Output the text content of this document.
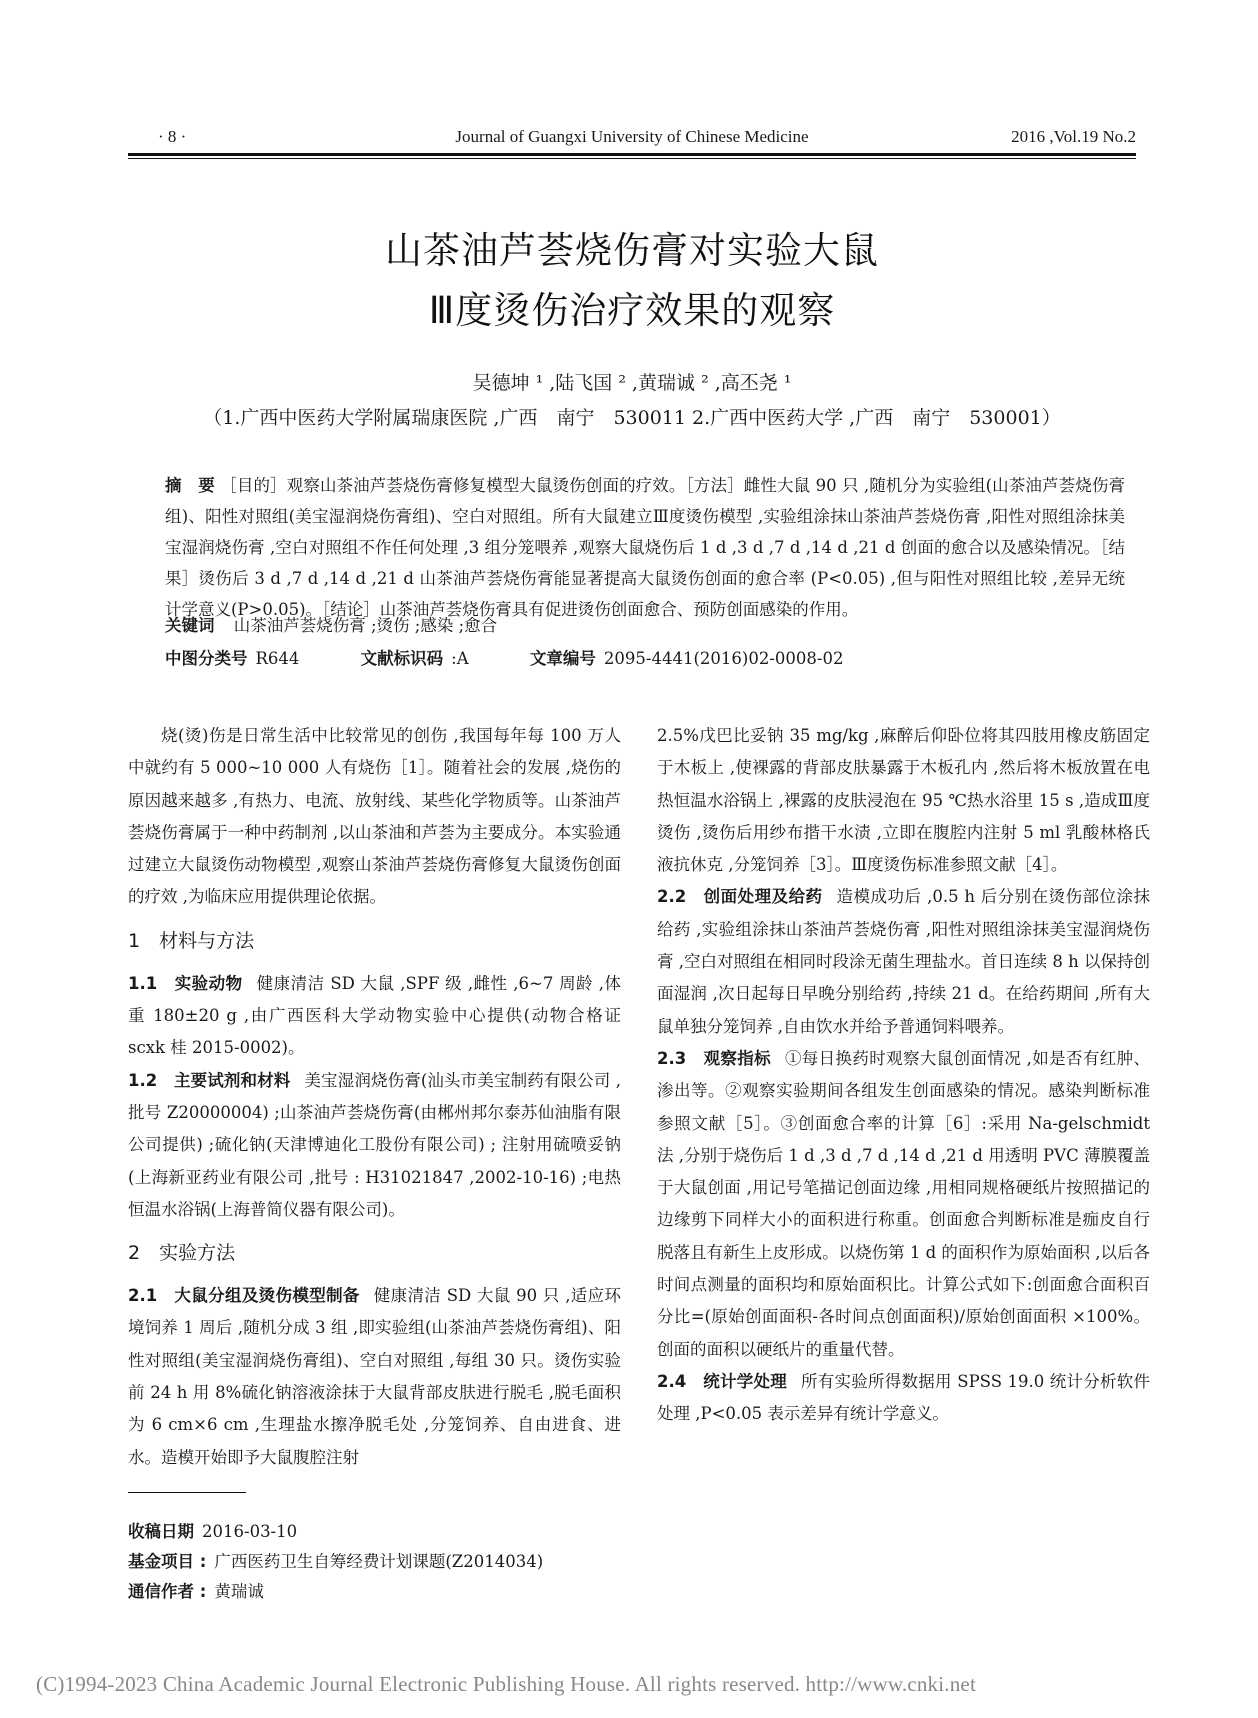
· 8 ·	Journal of Guangxi University of Chinese Medicine	2016 ,Vol.19 No.2
山茶油芦荟烧伤膏对实验大鼠
Ⅲ度烫伤治疗效果的观察
吴德坤 ¹ ,陆飞国 ² ,黄瑞诚 ² ,高丕尧 ¹
（1.广西中医药大学附属瑞康医院 ,广西　南宁　530011 2.广西中医药大学 ,广西　南宁　530001）
摘　要 ［目的］观察山茶油芦荟烧伤膏修复模型大鼠烫伤创面的疗效。［方法］雌性大鼠 90 只 ,随机分为实验组(山茶油芦荟烧伤膏组)、阳性对照组(美宝湿润烧伤膏组)、空白对照组。所有大鼠建立Ⅲ度烫伤模型 ,实验组涂抹山茶油芦荟烧伤膏 ,阳性对照组涂抹美宝湿润烧伤膏 ,空白对照组不作任何处理 ,3 组分笼喂养 ,观察大鼠烧伤后 1 d ,3 d ,7 d ,14 d ,21 d 创面的愈合以及感染情况。［结果］烫伤后 3 d ,7 d ,14 d ,21 d 山茶油芦荟烧伤膏能显著提高大鼠烫伤创面的愈合率 (P<0.05) ,但与阳性对照组比较 ,差异无统计学意义(P>0.05)。［结论］山茶油芦荟烧伤膏具有促进烫伤创面愈合、预防创面感染的作用。
关键词 山茶油芦荟烧伤膏 ;烫伤 ;感染 ;愈合
中图分类号 R644	文献标识码 :A	文章编号 2095-4441(2016)02-0008-02

烧(烫)伤是日常生活中比较常见的创伤 ,我国每年每 100 万人中就约有 5 000~10 000 人有烧伤［1］。随着社会的发展 ,烧伤的原因越来越多 ,有热力、电流、放射线、某些化学物质等。山茶油芦荟烧伤膏属于一种中药制剂 ,以山茶油和芦荟为主要成分。本实验通过建立大鼠烫伤动物模型 ,观察山茶油芦荟烧伤膏修复大鼠烫伤创面的疗效 ,为临床应用提供理论依据。

1　材料与方法

1.1　实验动物 健康清洁 SD 大鼠 ,SPF 级 ,雌性 ,6~7 周龄 ,体重 180±20 g ,由广西医科大学动物实验中心提供(动物合格证 scxk 桂 2015-0002)。

1.2　主要试剂和材料 美宝湿润烧伤膏(汕头市美宝制药有限公司 ,批号 Z20000004) ;山茶油芦荟烧伤膏(由郴州邦尔泰苏仙油脂有限公司提供) ;硫化钠(天津博迪化工股份有限公司) ; 注射用硫喷妥钠 (上海新亚药业有限公司 ,批号 : H31021847 ,2002-10-16) ;电热恒温水浴锅(上海普简仪器有限公司)。

2　实验方法

2.1　大鼠分组及烫伤模型制备 健康清洁 SD 大鼠 90 只 ,适应环境饲养 1 周后 ,随机分成 3 组 ,即实验组(山茶油芦荟烧伤膏组)、阳性对照组(美宝湿润烧伤膏组)、空白对照组 ,每组 30 只。烫伤实验前 24 h 用 8%硫化钠溶液涂抹于大鼠背部皮肤进行脱毛 ,脱毛面积为 6 cm×6 cm ,生理盐水擦净脱毛处 ,分笼饲养、自由进食、进水。造模开始即予大鼠腹腔注射

2.5%戊巴比妥钠 35 mg/kg ,麻醉后仰卧位将其四肢用橡皮筋固定于木板上 ,使裸露的背部皮肤暴露于木板孔内 ,然后将木板放置在电热恒温水浴锅上 ,裸露的皮肤浸泡在 95 ℃热水浴里 15 s ,造成Ⅲ度烫伤 ,烫伤后用纱布揩干水渍 ,立即在腹腔内注射 5 ml 乳酸林格氏液抗休克 ,分笼饲养［3］。Ⅲ度烫伤标准参照文献［4］。

2.2　创面处理及给药 造模成功后 ,0.5 h 后分别在烫伤部位涂抹给药 ,实验组涂抹山茶油芦荟烧伤膏 ,阳性对照组涂抹美宝湿润烧伤膏 ,空白对照组在相同时段涂无菌生理盐水。首日连续 8 h 以保持创面湿润 ,次日起每日早晚分别给药 ,持续 21 d。在给药期间 ,所有大鼠单独分笼饲养 ,自由饮水并给予普通饲料喂养。

2.3　观察指标 ①每日换药时观察大鼠创面情况 ,如是否有红肿、渗出等。②观察实验期间各组发生创面感染的情况。感染判断标准参照文献［5］。③创面愈合率的计算［6］:采用 Na-gelschmidt 法 ,分别于烧伤后 1 d ,3 d ,7 d ,14 d ,21 d 用透明 PVC 薄膜覆盖于大鼠创面 ,用记号笔描记创面边缘 ,用相同规格硬纸片按照描记的边缘剪下同样大小的面积进行称重。创面愈合判断标准是痂皮自行脱落且有新生上皮形成。以烧伤第 1 d 的面积作为原始面积 ,以后各时间点测量的面积均和原始面积比。计算公式如下:创面愈合面积百分比=(原始创面面积-各时间点创面面积)/原始创面面积 ×100%。创面的面积以硬纸片的重量代替。

2.4　统计学处理 所有实验所得数据用 SPSS 19.0 统计分析软件处理 ,P<0.05 表示差异有统计学意义。

收稿日期 2016-03-10
基金项目 : 广西医药卫生自筹经费计划课题(Z2014034)
通信作者 : 黄瑞诚
(C)1994-2023 China Academic Journal Electronic Publishing House. All rights reserved. http://www.cnki.net
